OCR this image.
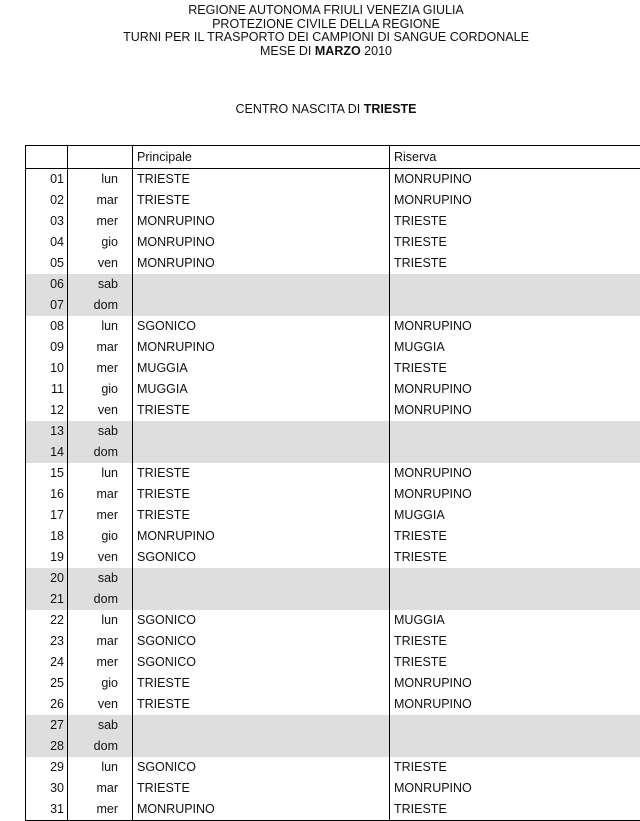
REGIONE AUTONOMA FRIULI VENEZIA GIULIA
PROTEZIONE CIVILE DELLA REGIONE
TURNI PER IL TRASPORTO DEI CAMPIONI DI SANGUE CORDONALE
MESE DI MARZO 2010
CENTRO NASCITA DI TRIESTE
		Principale	Riserva
01	lun	TRIESTE	MONRUPINO
02	mar	TRIESTE	MONRUPINO
03	mer	MONRUPINO	TRIESTE
04	gio	MONRUPINO	TRIESTE
05	ven	MONRUPINO	TRIESTE
06	sab		
07	dom		
08	lun	SGONICO	MONRUPINO
09	mar	MONRUPINO	MUGGIA
10	mer	MUGGIA	TRIESTE
11	gio	MUGGIA	MONRUPINO
12	ven	TRIESTE	MONRUPINO
13	sab		
14	dom		
15	lun	TRIESTE	MONRUPINO
16	mar	TRIESTE	MONRUPINO
17	mer	TRIESTE	MUGGIA
18	gio	MONRUPINO	TRIESTE
19	ven	SGONICO	TRIESTE
20	sab		
21	dom		
22	lun	SGONICO	MUGGIA
23	mar	SGONICO	TRIESTE
24	mer	SGONICO	TRIESTE
25	gio	TRIESTE	MONRUPINO
26	ven	TRIESTE	MONRUPINO
27	sab		
28	dom		
29	lun	SGONICO	TRIESTE
30	mar	TRIESTE	MONRUPINO
31	mer	MONRUPINO	TRIESTE
